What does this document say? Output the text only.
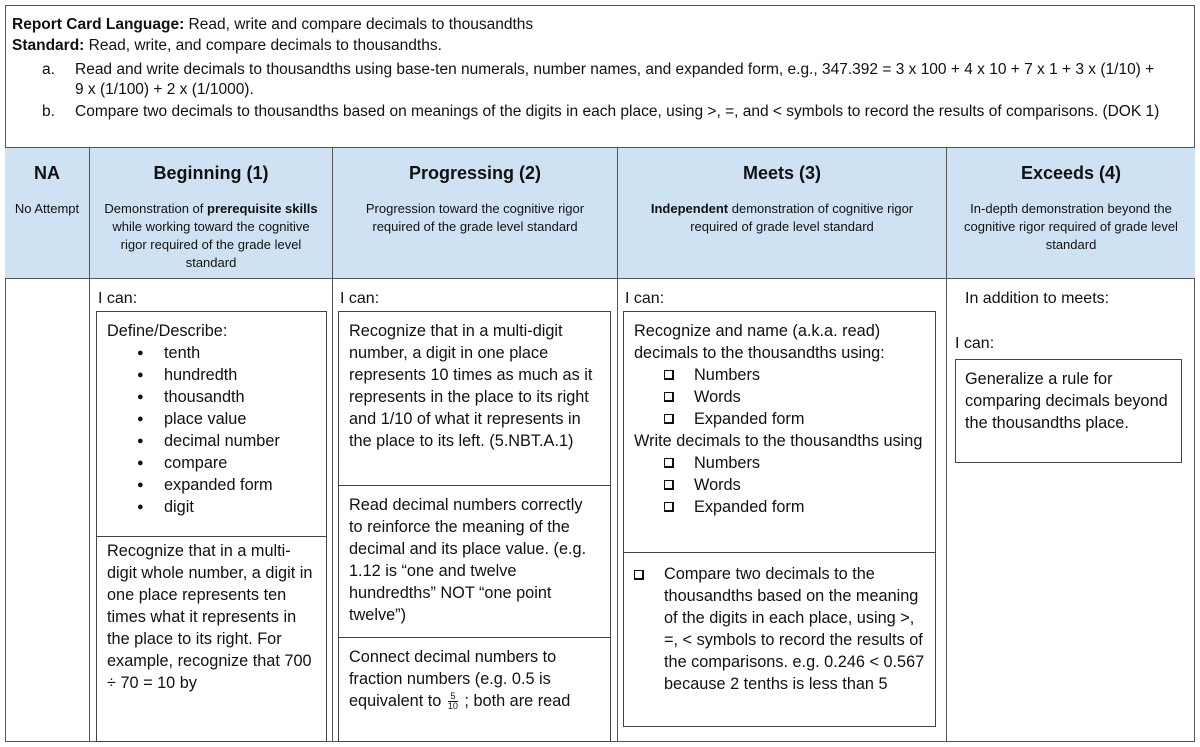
Report Card Language: Read, write and compare decimals to thousandths
Standard: Read, write, and compare decimals to thousandths.
a. Read and write decimals to thousandths using base-ten numerals, number names, and expanded form, e.g., 347.392 = 3 x 100 + 4 x 10 + 7 x 1 + 3 x (1/10) + 9 x (1/100) + 2 x (1/1000).
b. Compare two decimals to thousandths based on meanings of the digits in each place, using >, =, and < symbols to record the results of comparisons. (DOK 1)
NA
No Attempt
Beginning (1)
Demonstration of prerequisite skills while working toward the cognitive rigor required of the grade level standard
Progressing (2)
Progression toward the cognitive rigor required of the grade level standard
Meets (3)
Independent demonstration of cognitive rigor required of grade level standard
Exceeds (4)
In-depth demonstration beyond the cognitive rigor required of grade level standard
I can:

Define/Describe:

● tenth
● hundredth
● thousandth
● place value
● decimal number
● compare
● expanded form
● digit

Recognize that in a multi-digit whole number, a digit in one place represents ten times what it represents in the place to its right. For example, recognize that 700 ÷ 70 = 10 by

I can:

Recognize that in a multi-digit number, a digit in one place represents 10 times as much as it represents in the place to its right and 1/10 of what it represents in the place to its left. (5.NBT.A.1)

Read decimal numbers correctly to reinforce the meaning of the decimal and its place value. (e.g. 1.12 is “one and twelve hundredths” NOT “one point twelve”)

Connect decimal numbers to fraction numbers (e.g. 0.5 is equivalent to $\frac{5}{10}$ ; both are read

I can:

Recognize and name (a.k.a. read) decimals to the thousandths using:

Numbers
Words
Expanded form

Write decimals to the thousandths using

Numbers
Words
Expanded form
Compare two decimals to the thousandths based on the meaning of the digits in each place, using >, =, < symbols to record the results of the comparisons. e.g. 0.246 < 0.567 because 2 tenths is less than 5
In addition to meets:
I can:

Generalize a rule for comparing decimals beyond the thousandths place.
